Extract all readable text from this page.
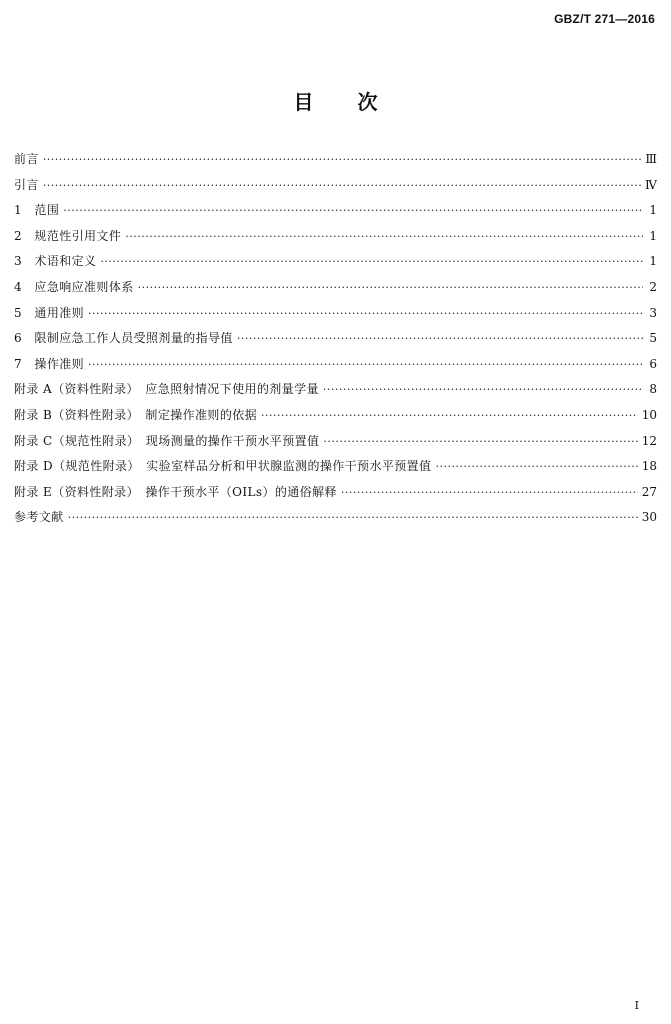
GBZ/T 271—2016
目 次
前言 ·····	Ⅲ
引言 ·····	Ⅳ
1　范围 ·····	1
2　规范性引用文件 ·····	1
3　术语和定义 ·····	1
4　应急响应准则体系 ·····	2
5　通用准则 ·····	3
6　限制应急工作人员受照剂量的指导值 ·····	5
7　操作准则 ·····	6
附录 A（资料性附录）　应急照射情况下使用的剂量学量 ·····	8
附录 B（资料性附录）　制定操作准则的依据 ·····	10
附录 C（规范性附录）　现场测量的操作干预水平预置值 ·····	12
附录 D（规范性附录）　实验室样品分析和甲状腺监测的操作干预水平预置值 ·····	18
附录 E（资料性附录）　操作干预水平（OILs）的通俗解释 ·····	27
参考文献 ·····	30
I
